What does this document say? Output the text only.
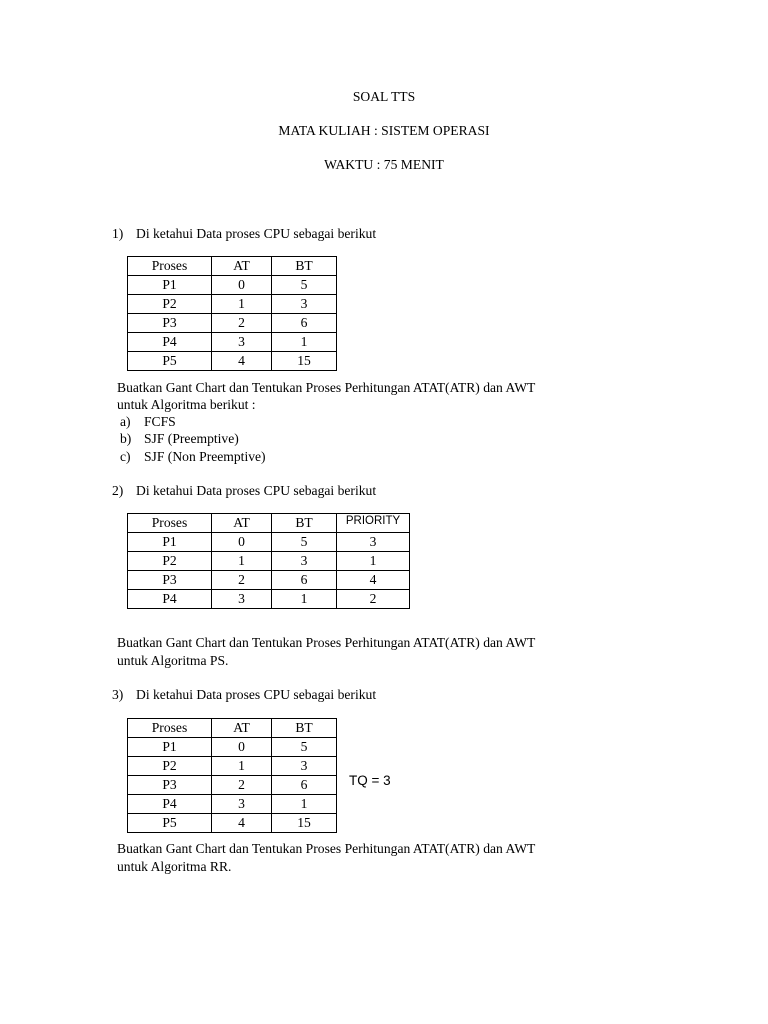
SOAL TTS
MATA KULIAH : SISTEM OPERASI
WAKTU : 75 MENIT
1) Di ketahui Data proses CPU sebagai berikut
Proses	AT	BT
P1	0	5
P2	1	3
P3	2	6
P4	3	1
P5	4	15
Buatkan Gant Chart dan Tentukan Proses Perhitungan ATAT(ATR) dan AWT
untuk Algoritma berikut :
a) FCFS
b) SJF (Preemptive)
c) SJF (Non Preemptive)
2) Di ketahui Data proses CPU sebagai berikut
Proses	AT	BT	PRIORITY
P1	0	5	3
P2	1	3	1
P3	2	6	4
P4	3	1	2
Buatkan Gant Chart dan Tentukan Proses Perhitungan ATAT(ATR) dan AWT
untuk Algoritma PS.
3) Di ketahui Data proses CPU sebagai berikut
Proses	AT	BT
P1	0	5
P2	1	3
P3	2	6
P4	3	1
P5	4	15
TQ = 3
Buatkan Gant Chart dan Tentukan Proses Perhitungan ATAT(ATR) dan AWT
untuk Algoritma RR.
